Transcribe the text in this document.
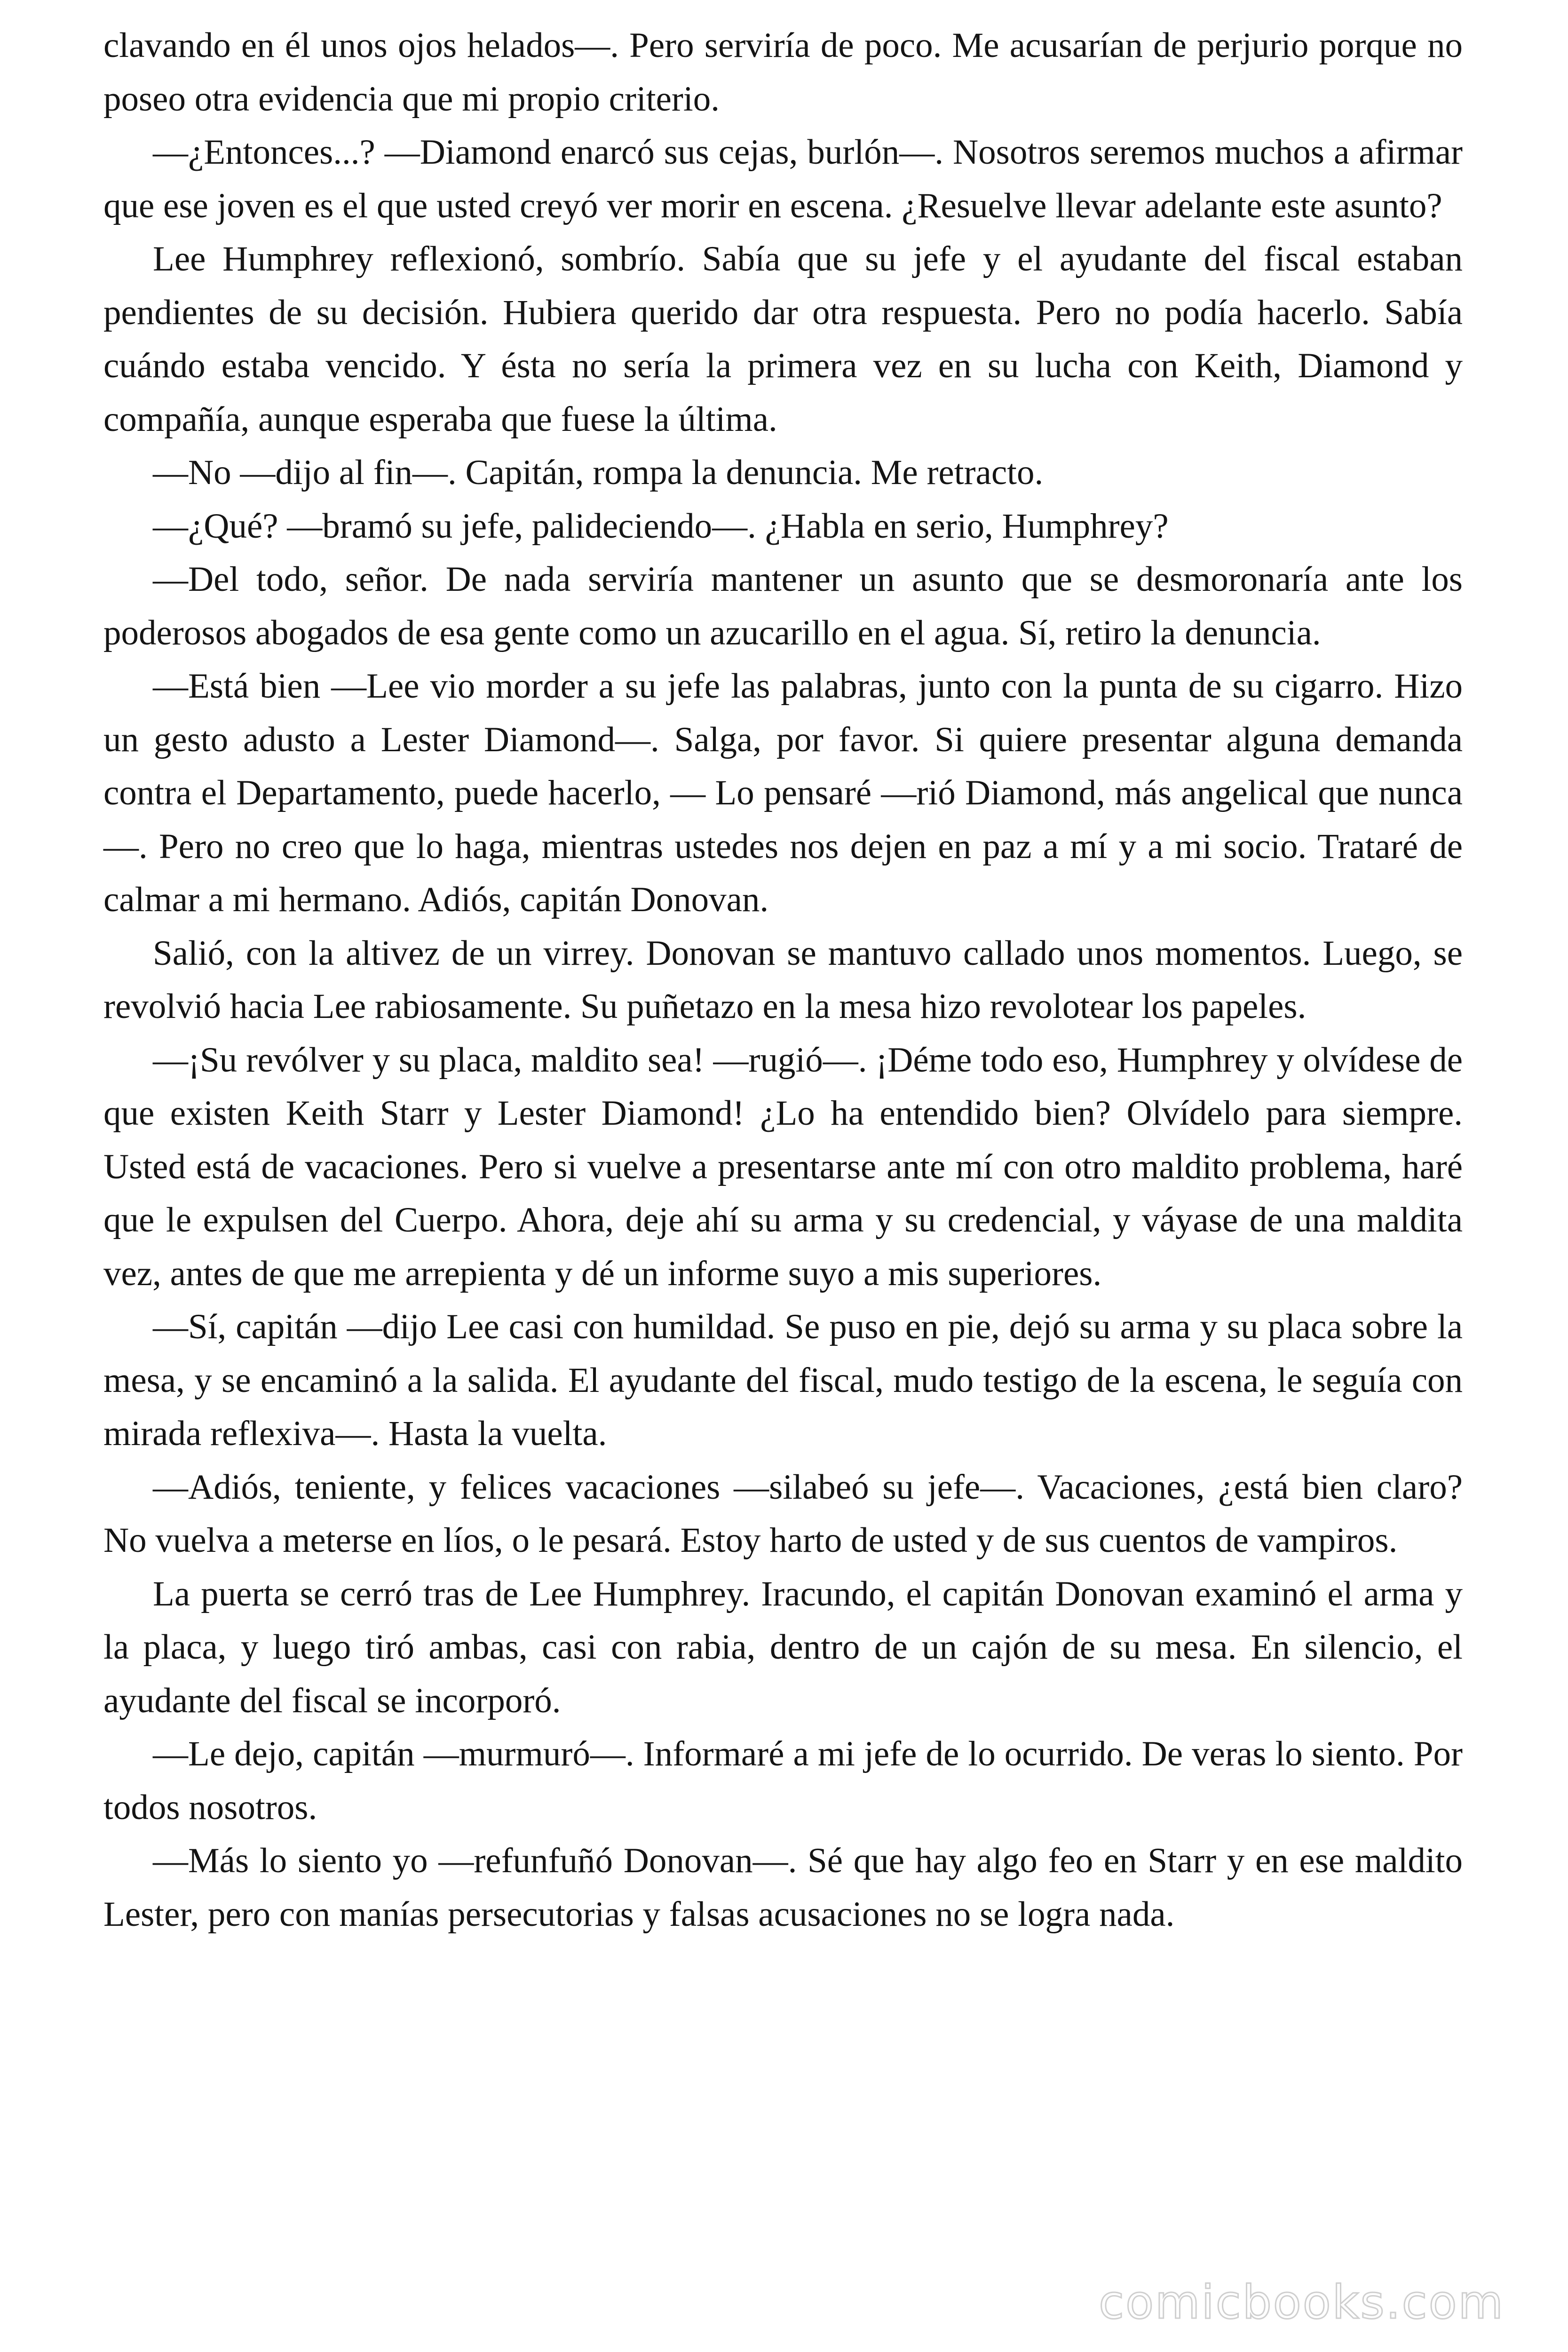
clavando en él unos ojos helados—. Pero serviría de poco. Me acusarían de perjurio porque no poseo otra evidencia que mi propio criterio.

—¿Entonces...? —Diamond enarcó sus cejas, burlón—. Nosotros seremos muchos a afirmar que ese joven es el que usted creyó ver morir en escena. ¿Resuelve llevar adelante este asunto?

Lee Humphrey reflexionó, sombrío. Sabía que su jefe y el ayudante del fiscal estaban pendientes de su decisión. Hubiera querido dar otra respuesta. Pero no podía hacerlo. Sabía cuándo estaba vencido. Y ésta no sería la primera vez en su lucha con Keith, Diamond y compañía, aunque esperaba que fuese la última.

—No —dijo al fin—. Capitán, rompa la denuncia. Me retracto.

—¿Qué? —bramó su jefe, palideciendo—. ¿Habla en serio, Humphrey?

—Del todo, señor. De nada serviría mantener un asunto que se desmoronaría ante los poderosos abogados de esa gente como un azucarillo en el agua. Sí, retiro la denuncia.

—Está bien —Lee vio morder a su jefe las palabras, junto con la punta de su cigarro. Hizo un gesto adusto a Lester Diamond—. Salga, por favor. Si quiere presentar alguna demanda contra el Departamento, puede hacerlo, — Lo pensaré —rió Diamond, más angelical que nunca—. Pero no creo que lo haga, mientras ustedes nos dejen en paz a mí y a mi socio. Trataré de calmar a mi hermano. Adiós, capitán Donovan.

Salió, con la altivez de un virrey. Donovan se mantuvo callado unos momentos. Luego, se revolvió hacia Lee rabiosamente. Su puñetazo en la mesa hizo revolotear los papeles.

—¡Su revólver y su placa, maldito sea! —rugió—. ¡Déme todo eso, Humphrey y olvídese de que existen Keith Starr y Lester Diamond! ¿Lo ha entendido bien? Olvídelo para siempre. Usted está de vacaciones. Pero si vuelve a presentarse ante mí con otro maldito problema, haré que le expulsen del Cuerpo. Ahora, deje ahí su arma y su credencial, y váyase de una maldita vez, antes de que me arrepienta y dé un informe suyo a mis superiores.

—Sí, capitán —dijo Lee casi con humildad. Se puso en pie, dejó su arma y su placa sobre la mesa, y se encaminó a la salida. El ayudante del fiscal, mudo testigo de la escena, le seguía con mirada reflexiva—. Hasta la vuelta.

—Adiós, teniente, y felices vacaciones —silabeó su jefe—. Vacaciones, ¿está bien claro? No vuelva a meterse en líos, o le pesará. Estoy harto de usted y de sus cuentos de vampiros.

La puerta se cerró tras de Lee Humphrey. Iracundo, el capitán Donovan examinó el arma y la placa, y luego tiró ambas, casi con rabia, dentro de un cajón de su mesa. En silencio, el ayudante del fiscal se incorporó.

—Le dejo, capitán —murmuró—. Informaré a mi jefe de lo ocurrido. De veras lo siento. Por todos nosotros.

—Más lo siento yo —refunfuñó Donovan—. Sé que hay algo feo en Starr y en ese maldito Lester, pero con manías persecutorias y falsas acusaciones no se logra nada.

comicbooks.com
